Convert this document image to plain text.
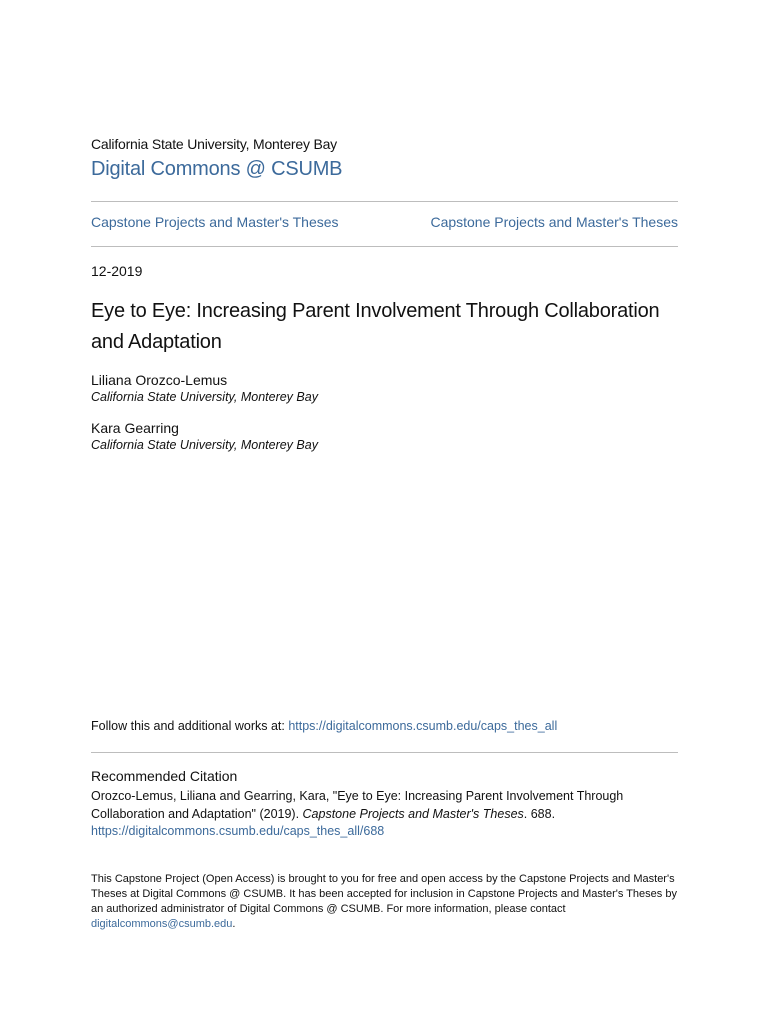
California State University, Monterey Bay
Digital Commons @ CSUMB
Capstone Projects and Master's Theses	Capstone Projects and Master's Theses
12-2019
Eye to Eye: Increasing Parent Involvement Through Collaboration and Adaptation
Liliana Orozco-Lemus
California State University, Monterey Bay
Kara Gearring
California State University, Monterey Bay
Follow this and additional works at: https://digitalcommons.csumb.edu/caps_thes_all
Recommended Citation
Orozco-Lemus, Liliana and Gearring, Kara, "Eye to Eye: Increasing Parent Involvement Through Collaboration and Adaptation" (2019). Capstone Projects and Master's Theses. 688.
https://digitalcommons.csumb.edu/caps_thes_all/688
This Capstone Project (Open Access) is brought to you for free and open access by the Capstone Projects and Master's Theses at Digital Commons @ CSUMB. It has been accepted for inclusion in Capstone Projects and Master's Theses by an authorized administrator of Digital Commons @ CSUMB. For more information, please contact digitalcommons@csumb.edu.
